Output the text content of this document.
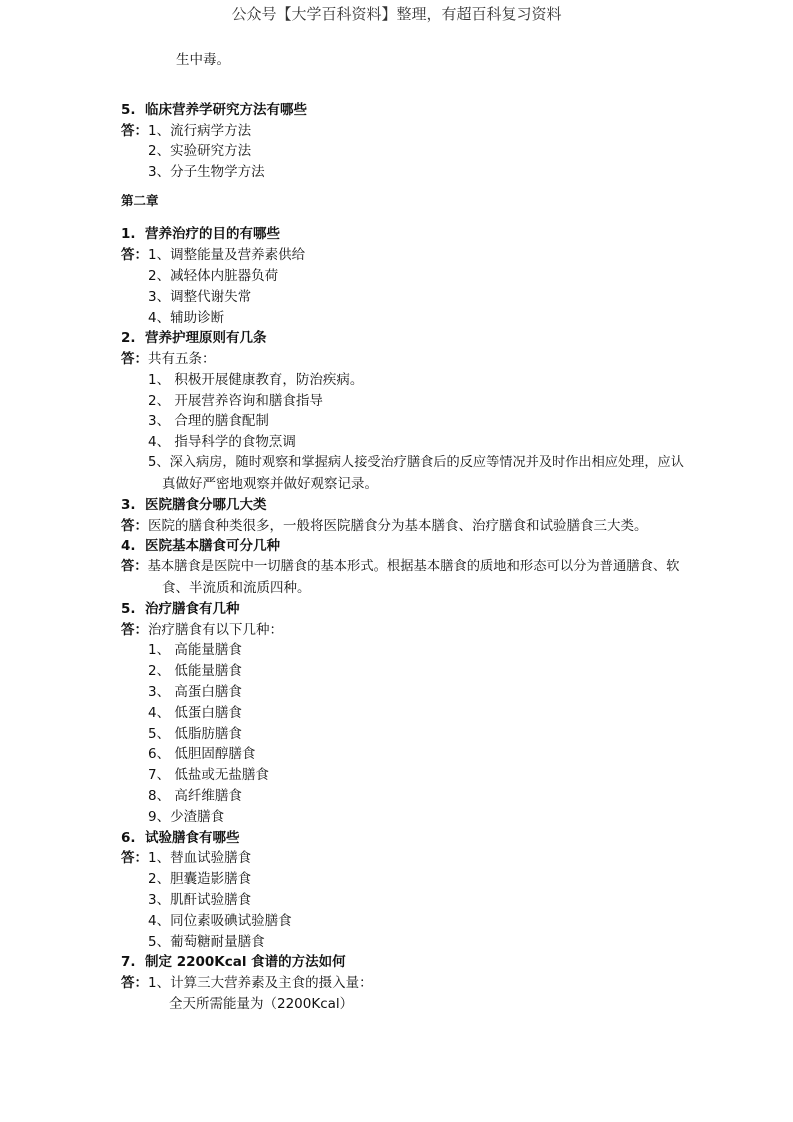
公众号【大学百科资料】整理，有超百科复习资料
生中毒。
5. 临床营养学研究方法有哪些
答：1、流行病学方法
2、实验研究方法
3、分子生物学方法
第二章
1. 营养治疗的目的有哪些
答：1、调整能量及营养素供给
2、减轻体内脏器负荷
3、调整代谢失常
4、辅助诊断
2. 营养护理原则有几条
答：共有五条：
1、 积极开展健康教育，防治疾病。
2、 开展营养咨询和膳食指导
3、 合理的膳食配制
4、 指导科学的食物烹调
5、深入病房，随时观察和掌握病人接受治疗膳食后的反应等情况并及时作出相应处理，应认
真做好严密地观察并做好观察记录。
3. 医院膳食分哪几大类
答：医院的膳食种类很多，一般将医院膳食分为基本膳食、治疗膳食和试验膳食三大类。
4. 医院基本膳食可分几种
答：基本膳食是医院中一切膳食的基本形式。根据基本膳食的质地和形态可以分为普通膳食、软
食、半流质和流质四种。
5. 治疗膳食有几种
答：治疗膳食有以下几种：
1、 高能量膳食
2、 低能量膳食
3、 高蛋白膳食
4、 低蛋白膳食
5、 低脂肪膳食
6、 低胆固醇膳食
7、 低盐或无盐膳食
8、 高纤维膳食
9、少渣膳食
6. 试验膳食有哪些
答：1、替血试验膳食
2、胆囊造影膳食
3、肌酐试验膳食
4、同位素吸碘试验膳食
5、葡萄糖耐量膳食
7. 制定 2200Kcal 食谱的方法如何
答：1、计算三大营养素及主食的摄入量：
全天所需能量为（2200Kcal）
